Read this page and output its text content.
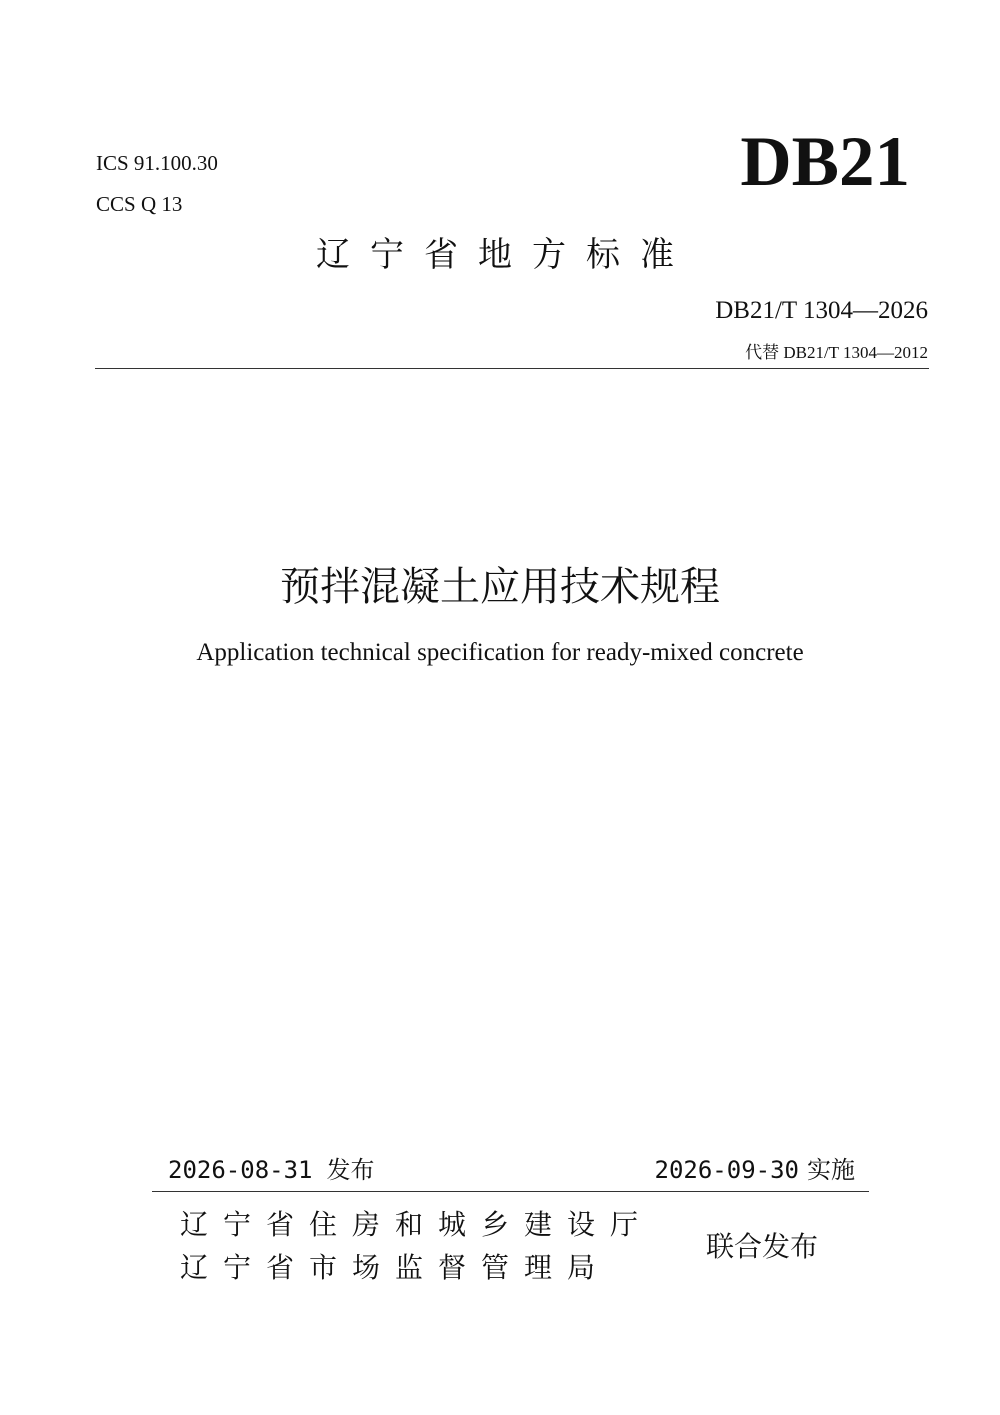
ICS 91.100.30
CCS Q 13
DB21
辽宁省地方标准
DB21/T 1304—2026
代替 DB21/T 1304—2012
预拌混凝土应用技术规程
Application technical specification for ready-mixed concrete
2026-08-31 发布	2026-09-30 实施
辽宁省住房和城乡建设厅
辽宁省市场监督管理局
联合发布
